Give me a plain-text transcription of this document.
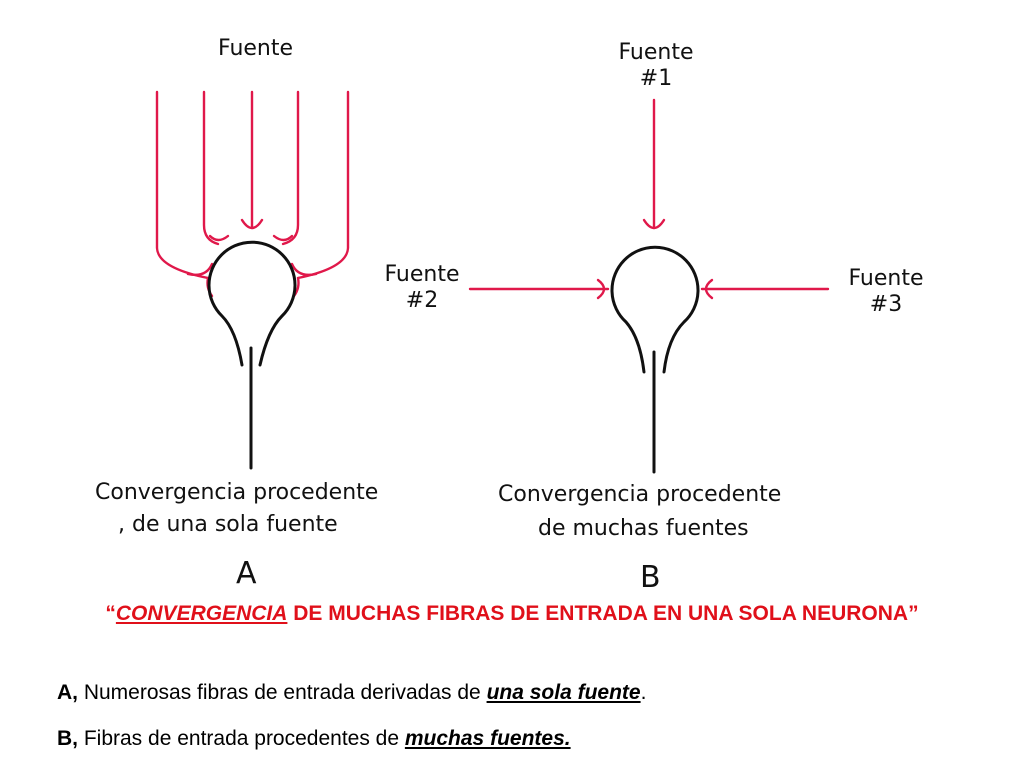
Fuente
Convergencia procedente
, de una sola fuente
A
Fuente
#1
Fuente
#2
Fuente
#3
Convergencia procedente
de muchas fuentes
B
“CONVERGENCIA DE MUCHAS FIBRAS DE ENTRADA EN UNA SOLA NEURONA”
A, Numerosas fibras de entrada derivadas de una sola fuente.
B, Fibras de entrada procedentes de muchas fuentes.
